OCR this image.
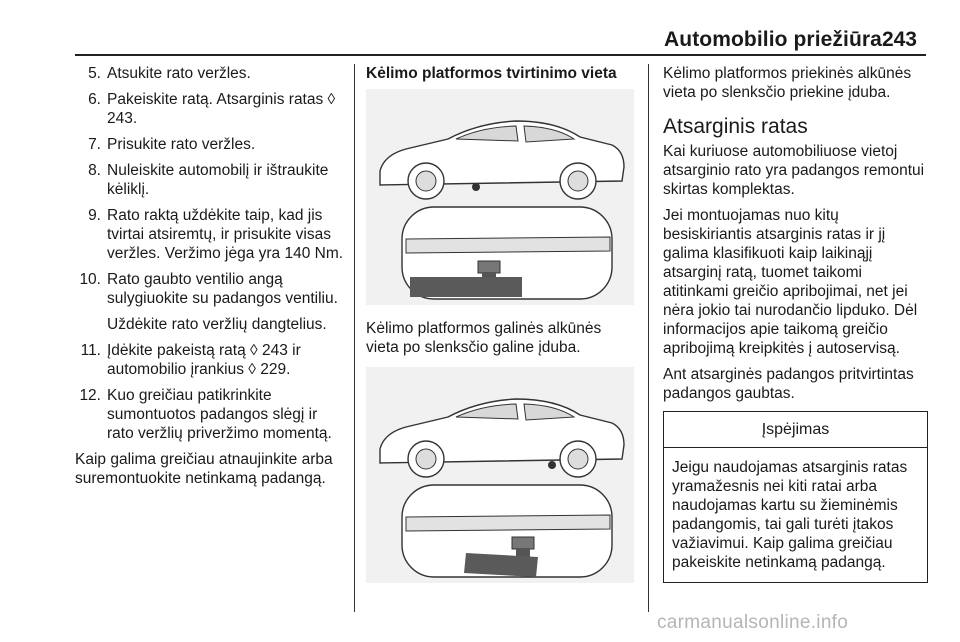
Automobilio priežiūra 243
5. Atsukite rato veržles.
6. Pakeiskite ratą. Atsarginis ratas ◊ 243.
7. Prisukite rato veržles.
8. Nuleiskite automobilį ir ištraukite kėliklį.
9. Rato raktą uždėkite taip, kad jis tvirtai atsiremtų, ir prisukite visas veržles. Veržimo jėga yra 140 Nm.
10. Rato gaubto ventilio angą sulygiuokite su padangos ventiliu.
Uždėkite rato veržlių dangtelius.
11. Įdėkite pakeistą ratą ◊ 243 ir automobilio įrankius ◊ 229.
12. Kuo greičiau patikrinkite sumontuotos padangos slėgį ir rato veržlių priveržimo momentą.
Kaip galima greičiau atnaujinkite arba suremontuokite netinkamą padangą.
Kėlimo platformos tvirtinimo vieta
Kėlimo platformos galinės alkūnės vieta po slenksčio galine įduba.
Kėlimo platformos priekinės alkūnės vieta po slenksčio priekine įduba.
Atsarginis ratas
Kai kuriuose automobiliuose vietoj atsarginio rato yra padangos remontui skirtas komplektas.
Jei montuojamas nuo kitų besiskiriantis atsarginis ratas ir jį galima klasifikuoti kaip laikinąjį atsarginį ratą, tuomet taikomi atitinkami greičio apribojimai, net jei nėra jokio tai nurodančio lipduko. Dėl informacijos apie taikomą greičio apribojimą kreipkitės į autoservisą.
Ant atsarginės padangos pritvirtintas padangos gaubtas.
Įspėjimas
Jeigu naudojamas atsarginis ratas yramažesnis nei kiti ratai arba naudojamas kartu su žieminėmis padangomis, tai gali turėti įtakos važiavimui. Kaip galima greičiau pakeiskite netinkamą padangą.
carmanualsonline.info
